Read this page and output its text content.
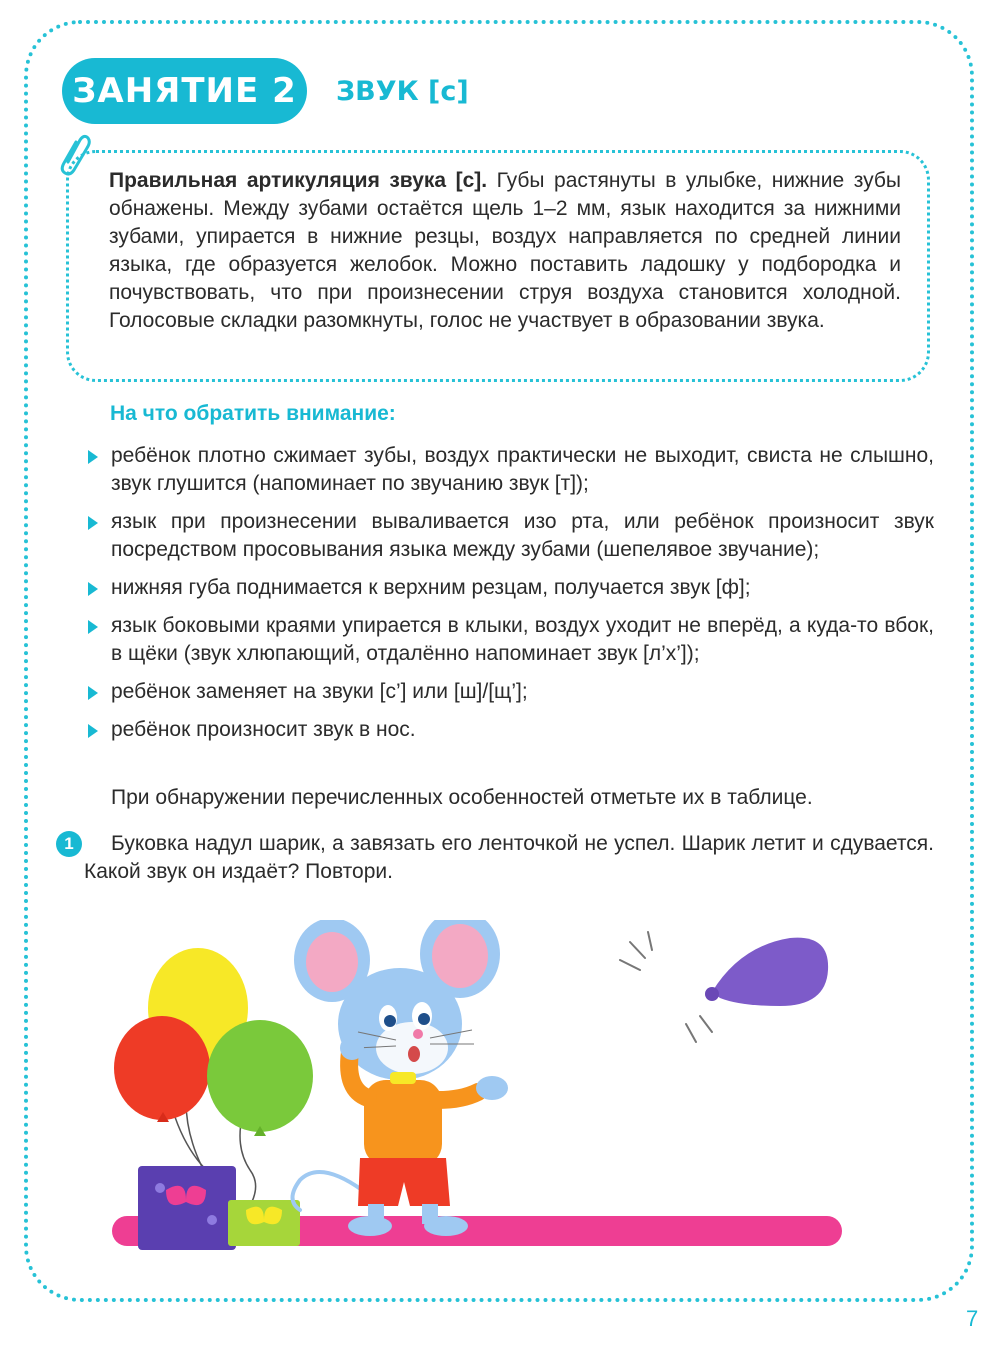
ЗАНЯТИЕ 2 ЗВУК [с]
Правильная артикуляция звука [с]. Губы растянуты в улыбке, нижние зубы обнажены. Между зубами остаётся щель 1–2 мм, язык находится за нижними зубами, упирается в нижние резцы, воздух направляется по средней линии языка, где образуется желобок. Можно поставить ладошку у подбородка и почувствовать, что при произнесении струя воздуха становится холодной. Голосовые складки разомкнуты, голос не участвует в образовании звука.
На что обратить внимание:
ребёнок плотно сжимает зубы, воздух практически не выходит, свиста не слышно, звук глушится (напоминает по звучанию звук [т]);
язык при произнесении вываливается изо рта, или ребёнок произносит звук посредством просовывания языка между зубами (шепелявое звучание);
нижняя губа поднимается к верхним резцам, получается звук [ф];
язык боковыми краями упирается в клыки, воздух уходит не вперёд, а куда-то вбок, в щёки (звук хлюпающий, отдалённо напоминает звук [л’х’]);
ребёнок заменяет на звуки [с’] или [ш]/[щ’];
ребёнок произносит звук в нос.
При обнаружении перечисленных особенностей отметьте их в таблице.
1	Буковка надул шарик, а завязать его ленточкой не успел. Шарик летит и сдувается. Какой звук он издаёт? Повтори.
7
